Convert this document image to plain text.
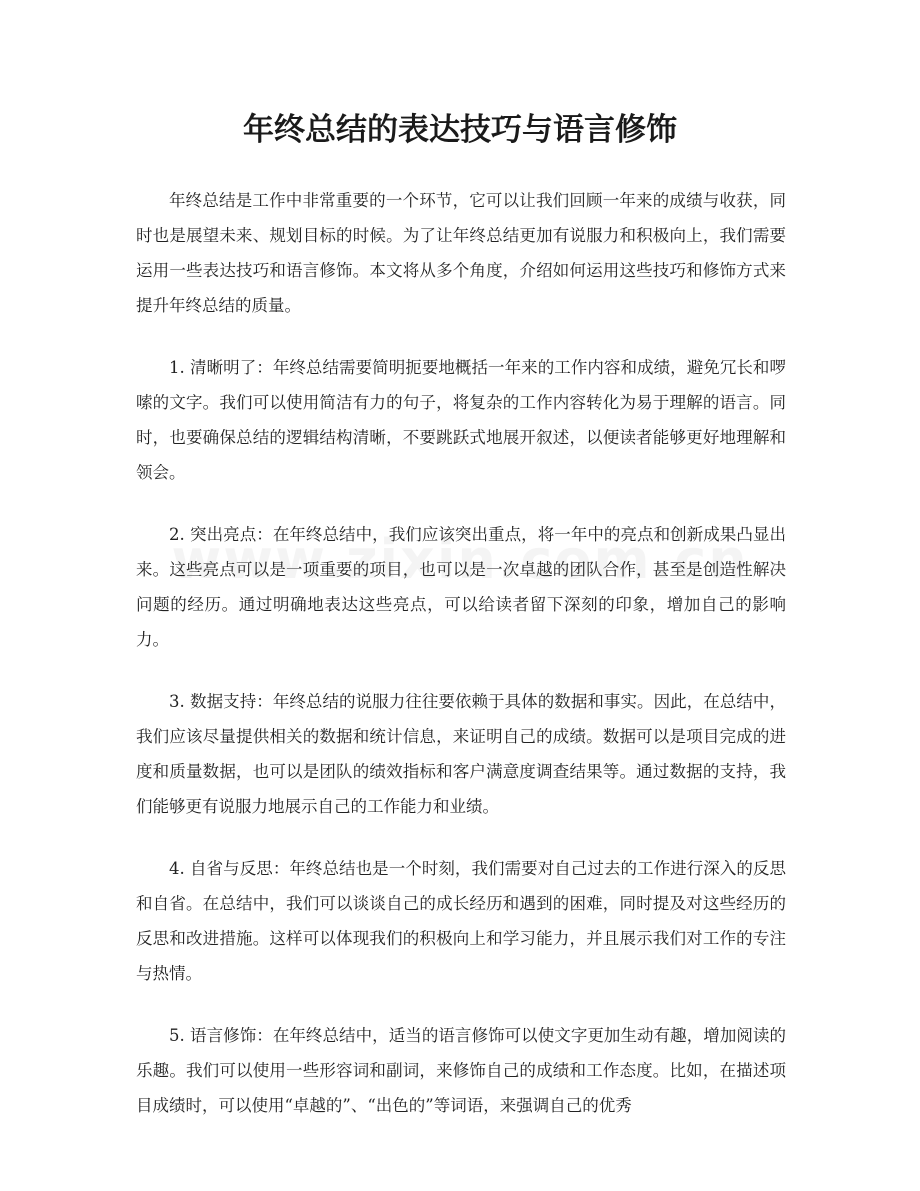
年终总结的表达技巧与语言修饰

年终总结是工作中非常重要的一个环节，它可以让我们回顾一年来的成绩与收获，同时也是展望未来、规划目标的时候。为了让年终总结更加有说服力和积极向上，我们需要运用一些表达技巧和语言修饰。本文将从多个角度，介绍如何运用这些技巧和修饰方式来提升年终总结的质量。

1. 清晰明了：年终总结需要简明扼要地概括一年来的工作内容和成绩，避免冗长和啰嗦的文字。我们可以使用简洁有力的句子，将复杂的工作内容转化为易于理解的语言。同时，也要确保总结的逻辑结构清晰，不要跳跃式地展开叙述，以便读者能够更好地理解和领会。

2. 突出亮点：在年终总结中，我们应该突出重点，将一年中的亮点和创新成果凸显出来。这些亮点可以是一项重要的项目，也可以是一次卓越的团队合作，甚至是创造性解决问题的经历。通过明确地表达这些亮点，可以给读者留下深刻的印象，增加自己的影响力。

3. 数据支持：年终总结的说服力往往要依赖于具体的数据和事实。因此，在总结中，我们应该尽量提供相关的数据和统计信息，来证明自己的成绩。数据可以是项目完成的进度和质量数据，也可以是团队的绩效指标和客户满意度调查结果等。通过数据的支持，我们能够更有说服力地展示自己的工作能力和业绩。

4. 自省与反思：年终总结也是一个时刻，我们需要对自己过去的工作进行深入的反思和自省。在总结中，我们可以谈谈自己的成长经历和遇到的困难，同时提及对这些经历的反思和改进措施。这样可以体现我们的积极向上和学习能力，并且展示我们对工作的专注与热情。

5. 语言修饰：在年终总结中，适当的语言修饰可以使文字更加生动有趣，增加阅读的乐趣。我们可以使用一些形容词和副词，来修饰自己的成绩和工作态度。比如，在描述项目成绩时，可以使用“卓越的”、“出色的”等词语，来强调自己的优秀
